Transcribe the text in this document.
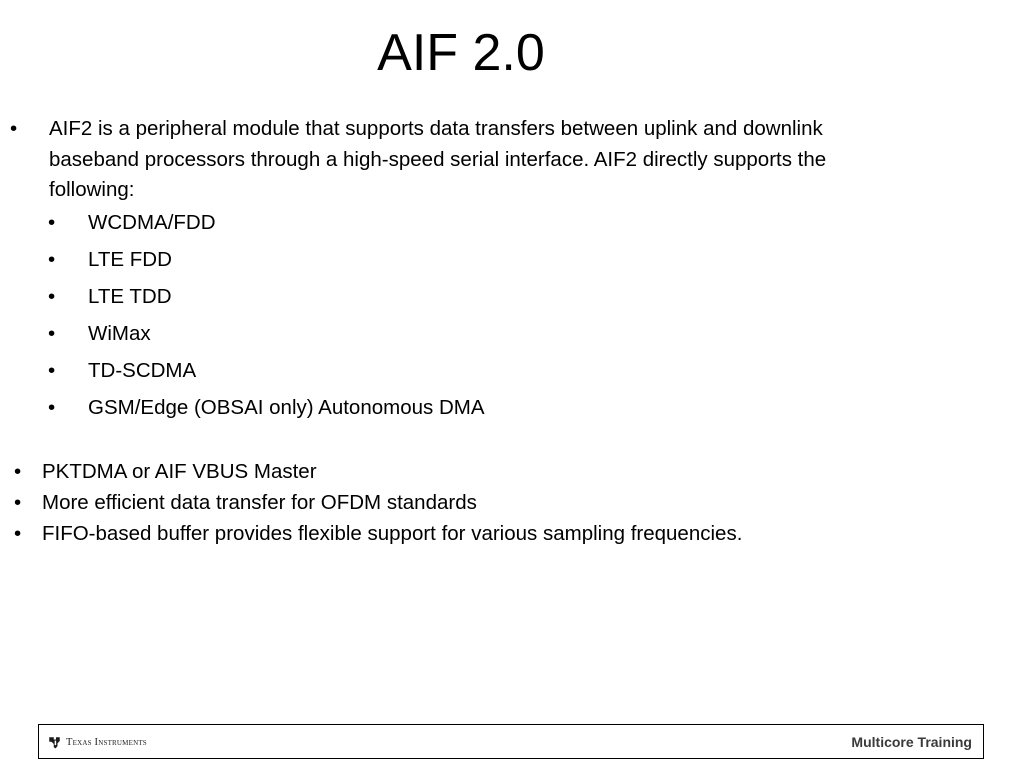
AIF 2.0
• AIF2 is a peripheral module that supports data transfers between uplink and downlink baseband processors through a high-speed serial interface. AIF2 directly supports the following:
• WCDMA/FDD
• LTE FDD
• LTE TDD
• WiMax
• TD-SCDMA
• GSM/Edge (OBSAI only) Autonomous DMA
• PKTDMA or AIF VBUS Master
• More efficient data transfer for OFDM standards
• FIFO-based buffer provides flexible support for various sampling frequencies.
Texas Instruments	Multicore Training
